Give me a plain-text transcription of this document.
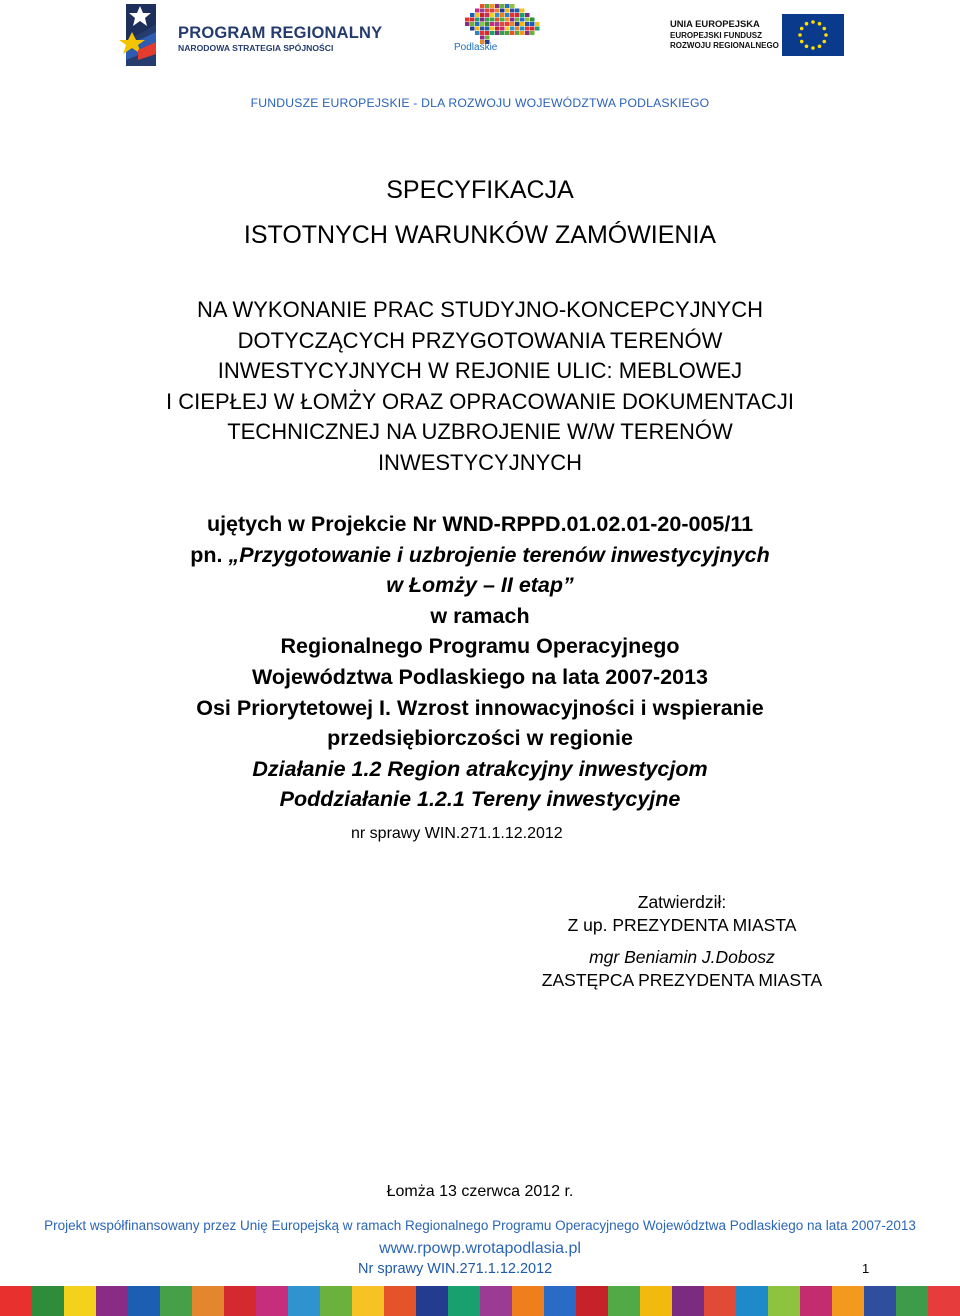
PROGRAM REGIONALNY
NARODOWA STRATEGIA SPÓJNOŚCI	Podlaskie
UNIA EUROPEJSKA
EUROPEJSKI FUNDUSZ
ROZWOJU REGIONALNEGO
FUNDUSZE EUROPEJSKIE - DLA ROZWOJU WOJEWÓDZTWA PODLASKIEGO
SPECYFIKACJA
ISTOTNYCH WARUNKÓW ZAMÓWIENIA
NA WYKONANIE PRAC STUDYJNO-KONCEPCYJNYCH
DOTYCZĄCYCH PRZYGOTOWANIA TERENÓW
INWESTYCYJNYCH W REJONIE ULIC: MEBLOWEJ
I CIEPŁEJ W ŁOMŻY ORAZ OPRACOWANIE DOKUMENTACJI
TECHNICZNEJ NA UZBROJENIE W/W TERENÓW
INWESTYCYJNYCH
ujętych w Projekcie Nr WND-RPPD.01.02.01-20-005/11
pn. „Przygotowanie i uzbrojenie terenów inwestycyjnych
w Łomży – II etap”
w ramach
Regionalnego Programu Operacyjnego
Województwa Podlaskiego na lata 2007-2013
Osi Priorytetowej I. Wzrost innowacyjności i wspieranie
przedsiębiorczości w regionie
Działanie 1.2 Region atrakcyjny inwestycjom
Poddziałanie 1.2.1 Tereny inwestycyjne
nr sprawy WIN.271.1.12.2012
Zatwierdził:
Z up. PREZYDENTA MIASTA
mgr Beniamin J.Dobosz
ZASTĘPCA PREZYDENTA MIASTA
Łomża 13 czerwca 2012 r.
Projekt współfinansowany przez Unię Europejską w ramach Regionalnego Programu Operacyjnego Województwa Podlaskiego na lata 2007-2013
www.rpowp.wrotapodlasia.pl
Nr sprawy WIN.271.1.12.2012	1
